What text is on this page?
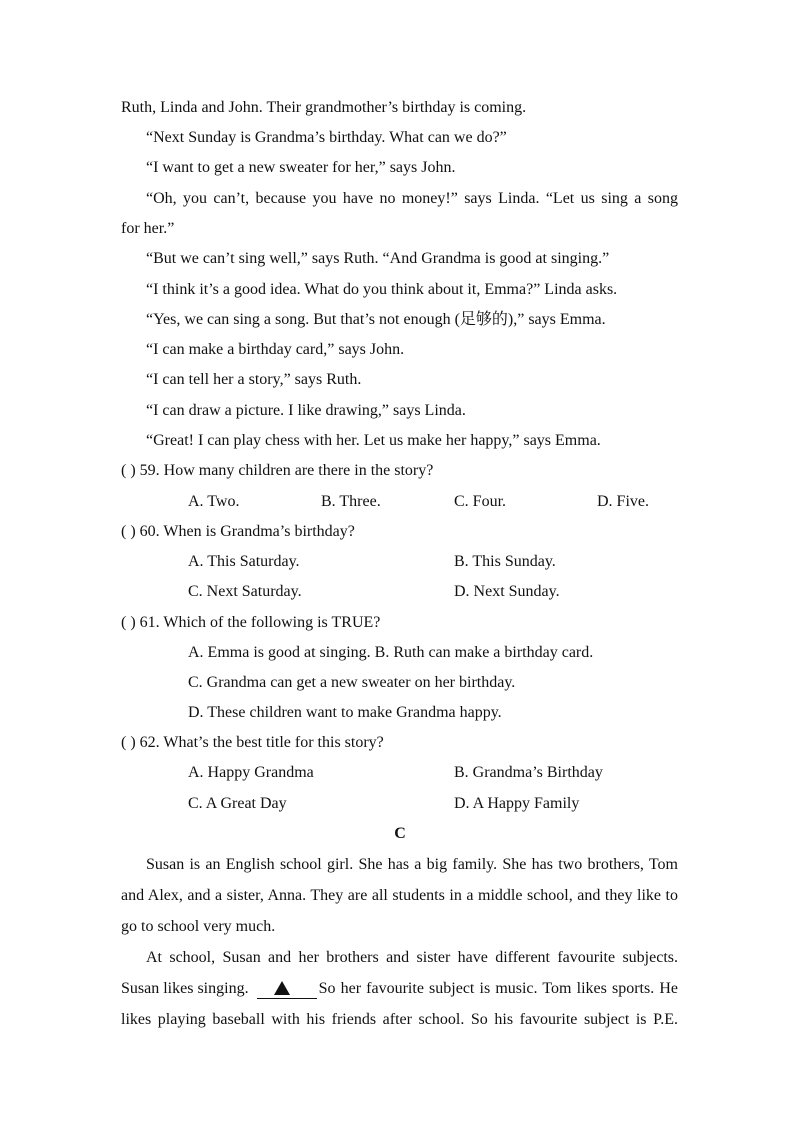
Ruth, Linda and John. Their grandmother’s birthday is coming.
“Next Sunday is Grandma’s birthday. What can we do?”
“I want to get a new sweater for her,” says John.
“Oh, you can’t, because you have no money!” says Linda. “Let us sing a song
for her.”
“But we can’t sing well,” says Ruth. “And Grandma is good at singing.”
“I think it’s a good idea. What do you think about it, Emma?” Linda asks.
“Yes, we can sing a song. But that’s not enough (足够的),” says Emma.
“I can make a birthday card,” says John.
“I can tell her a story,” says Ruth.
“I can draw a picture. I like drawing,” says Linda.
“Great! I can play chess with her. Let us make her happy,” says Emma.
( ) 59. How many children are there in the story?
A. Two.	B. Three.	C. Four.	D. Five.
( ) 60. When is Grandma’s birthday?
A. This Saturday.	B. This Sunday.
C. Next Saturday.	D. Next Sunday.
( ) 61. Which of the following is TRUE?
A. Emma is good at singing. B. Ruth can make a birthday card.
C. Grandma can get a new sweater on her birthday.
D. These children want to make Grandma happy.
( ) 62. What’s the best title for this story?
A. Happy Grandma	B. Grandma’s Birthday
C. A Great Day	D. A Happy Family
C
Susan is an English school girl. She has a big family. She has two brothers, Tom
and Alex, and a sister, Anna. They are all students in a middle school, and they like to
go to school very much.
At school, Susan and her brothers and sister have different favourite subjects.
Susan likes singing.	So her favourite subject is music. Tom likes sports. He
likes playing baseball with his friends after school. So his favourite subject is P.E.
